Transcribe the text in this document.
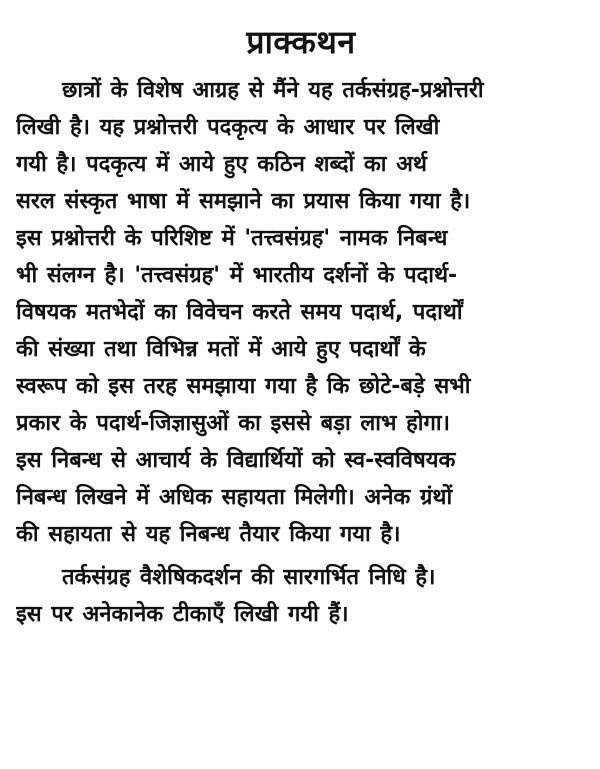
प्राक्कथन
छात्रों के विशेष आग्रह से मैंने यह तर्कसंग्रह-प्रश्नोत्तरी
लिखी है। यह प्रश्नोत्तरी पदकृत्य के आधार पर लिखी
गयी है। पदकृत्य में आये हुए कठिन शब्दों का अर्थ
सरल संस्कृत भाषा में समझाने का प्रयास किया गया है।
इस प्रश्नोत्तरी के परिशिष्ट में 'तत्त्वसंग्रह' नामक निबन्ध
भी संलग्न है। 'तत्त्वसंग्रह' में भारतीय दर्शनों के पदार्थ-
विषयक मतभेदों का विवेचन करते समय पदार्थ, पदार्थों
की संख्या तथा विभिन्न मतों में आये हुए पदार्थों के
स्वरूप को इस तरह समझाया गया है कि छोटे-बड़े सभी
प्रकार के पदार्थ-जिज्ञासुओं का इससे बड़ा लाभ होगा।
इस निबन्ध से आचार्य के विद्यार्थियों को स्व-स्वविषयक
निबन्ध लिखने में अधिक सहायता मिलेगी। अनेक ग्रंथों
की सहायता से यह निबन्ध तैयार किया गया है।
तर्कसंग्रह वैशेषिकदर्शन की सारगर्भित निधि है।
इस पर अनेकानेक टीकाएँ लिखी गयी हैं।
